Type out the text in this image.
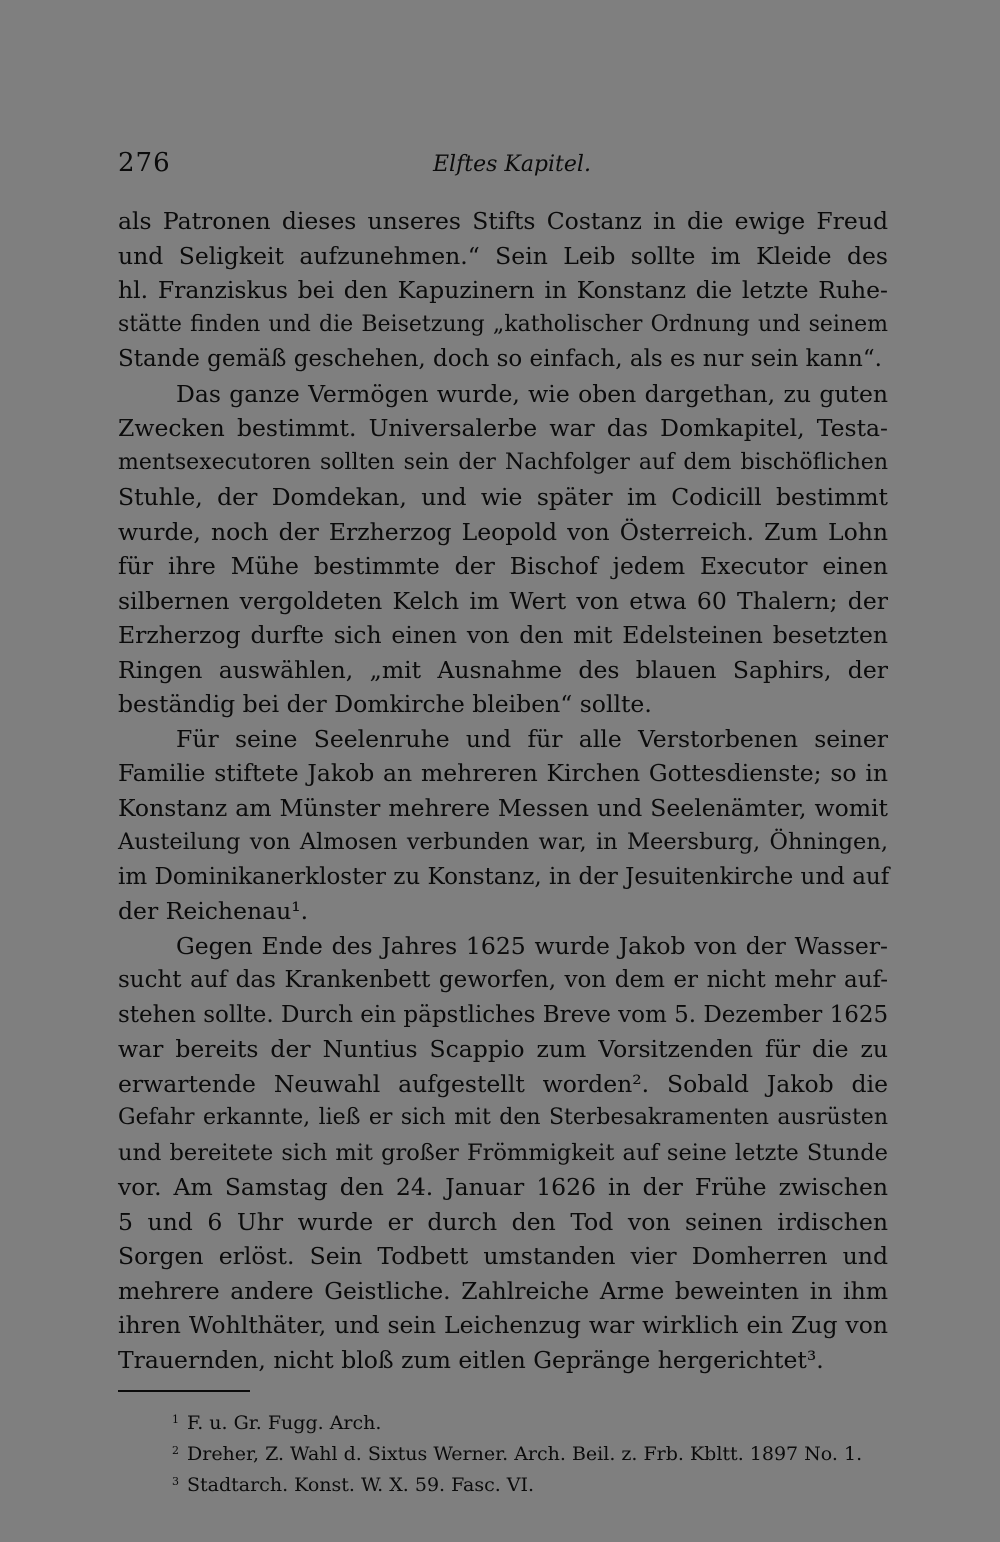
276	Elftes Kapitel.
als Patronen dieses unseres Stifts Costanz in die ewige Freud
und Seligkeit aufzunehmen.“ Sein Leib sollte im Kleide des
hl. Franziskus bei den Kapuzinern in Konstanz die letzte Ruhe-
stätte finden und die Beisetzung „katholischer Ordnung und seinem
Stande gemäß geschehen, doch so einfach, als es nur sein kann“.
Das ganze Vermögen wurde, wie oben dargethan, zu guten
Zwecken bestimmt. Universalerbe war das Domkapitel, Testa-
mentsexecutoren sollten sein der Nachfolger auf dem bischöflichen
Stuhle, der Domdekan, und wie später im Codicill bestimmt
wurde, noch der Erzherzog Leopold von Österreich. Zum Lohn
für ihre Mühe bestimmte der Bischof jedem Executor einen
silbernen vergoldeten Kelch im Wert von etwa 60 Thalern; der
Erzherzog durfte sich einen von den mit Edelsteinen besetzten
Ringen auswählen, „mit Ausnahme des blauen Saphirs, der
beständig bei der Domkirche bleiben“ sollte.
Für seine Seelenruhe und für alle Verstorbenen seiner
Familie stiftete Jakob an mehreren Kirchen Gottesdienste; so in
Konstanz am Münster mehrere Messen und Seelenämter, womit
Austeilung von Almosen verbunden war, in Meersburg, Öhningen,
im Dominikanerkloster zu Konstanz, in der Jesuitenkirche und auf
der Reichenau¹.
Gegen Ende des Jahres 1625 wurde Jakob von der Wasser-
sucht auf das Krankenbett geworfen, von dem er nicht mehr auf-
stehen sollte. Durch ein päpstliches Breve vom 5. Dezember 1625
war bereits der Nuntius Scappio zum Vorsitzenden für die zu
erwartende Neuwahl aufgestellt worden². Sobald Jakob die
Gefahr erkannte, ließ er sich mit den Sterbesakramenten ausrüsten
und bereitete sich mit großer Frömmigkeit auf seine letzte Stunde
vor. Am Samstag den 24. Januar 1626 in der Frühe zwischen
5 und 6 Uhr wurde er durch den Tod von seinen irdischen
Sorgen erlöst. Sein Todbett umstanden vier Domherren und
mehrere andere Geistliche. Zahlreiche Arme beweinten in ihm
ihren Wohlthäter, und sein Leichenzug war wirklich ein Zug von
Trauernden, nicht bloß zum eitlen Gepränge hergerichtet³.
$^1$ F. u. Gr. Fugg. Arch.
$^2$ Dreher, Z. Wahl d. Sixtus Werner. Arch. Beil. z. Frb. Kbltt. 1897 No. 1.
$^3$ Stadtarch. Konst. W. X. 59. Fasc. VI.
